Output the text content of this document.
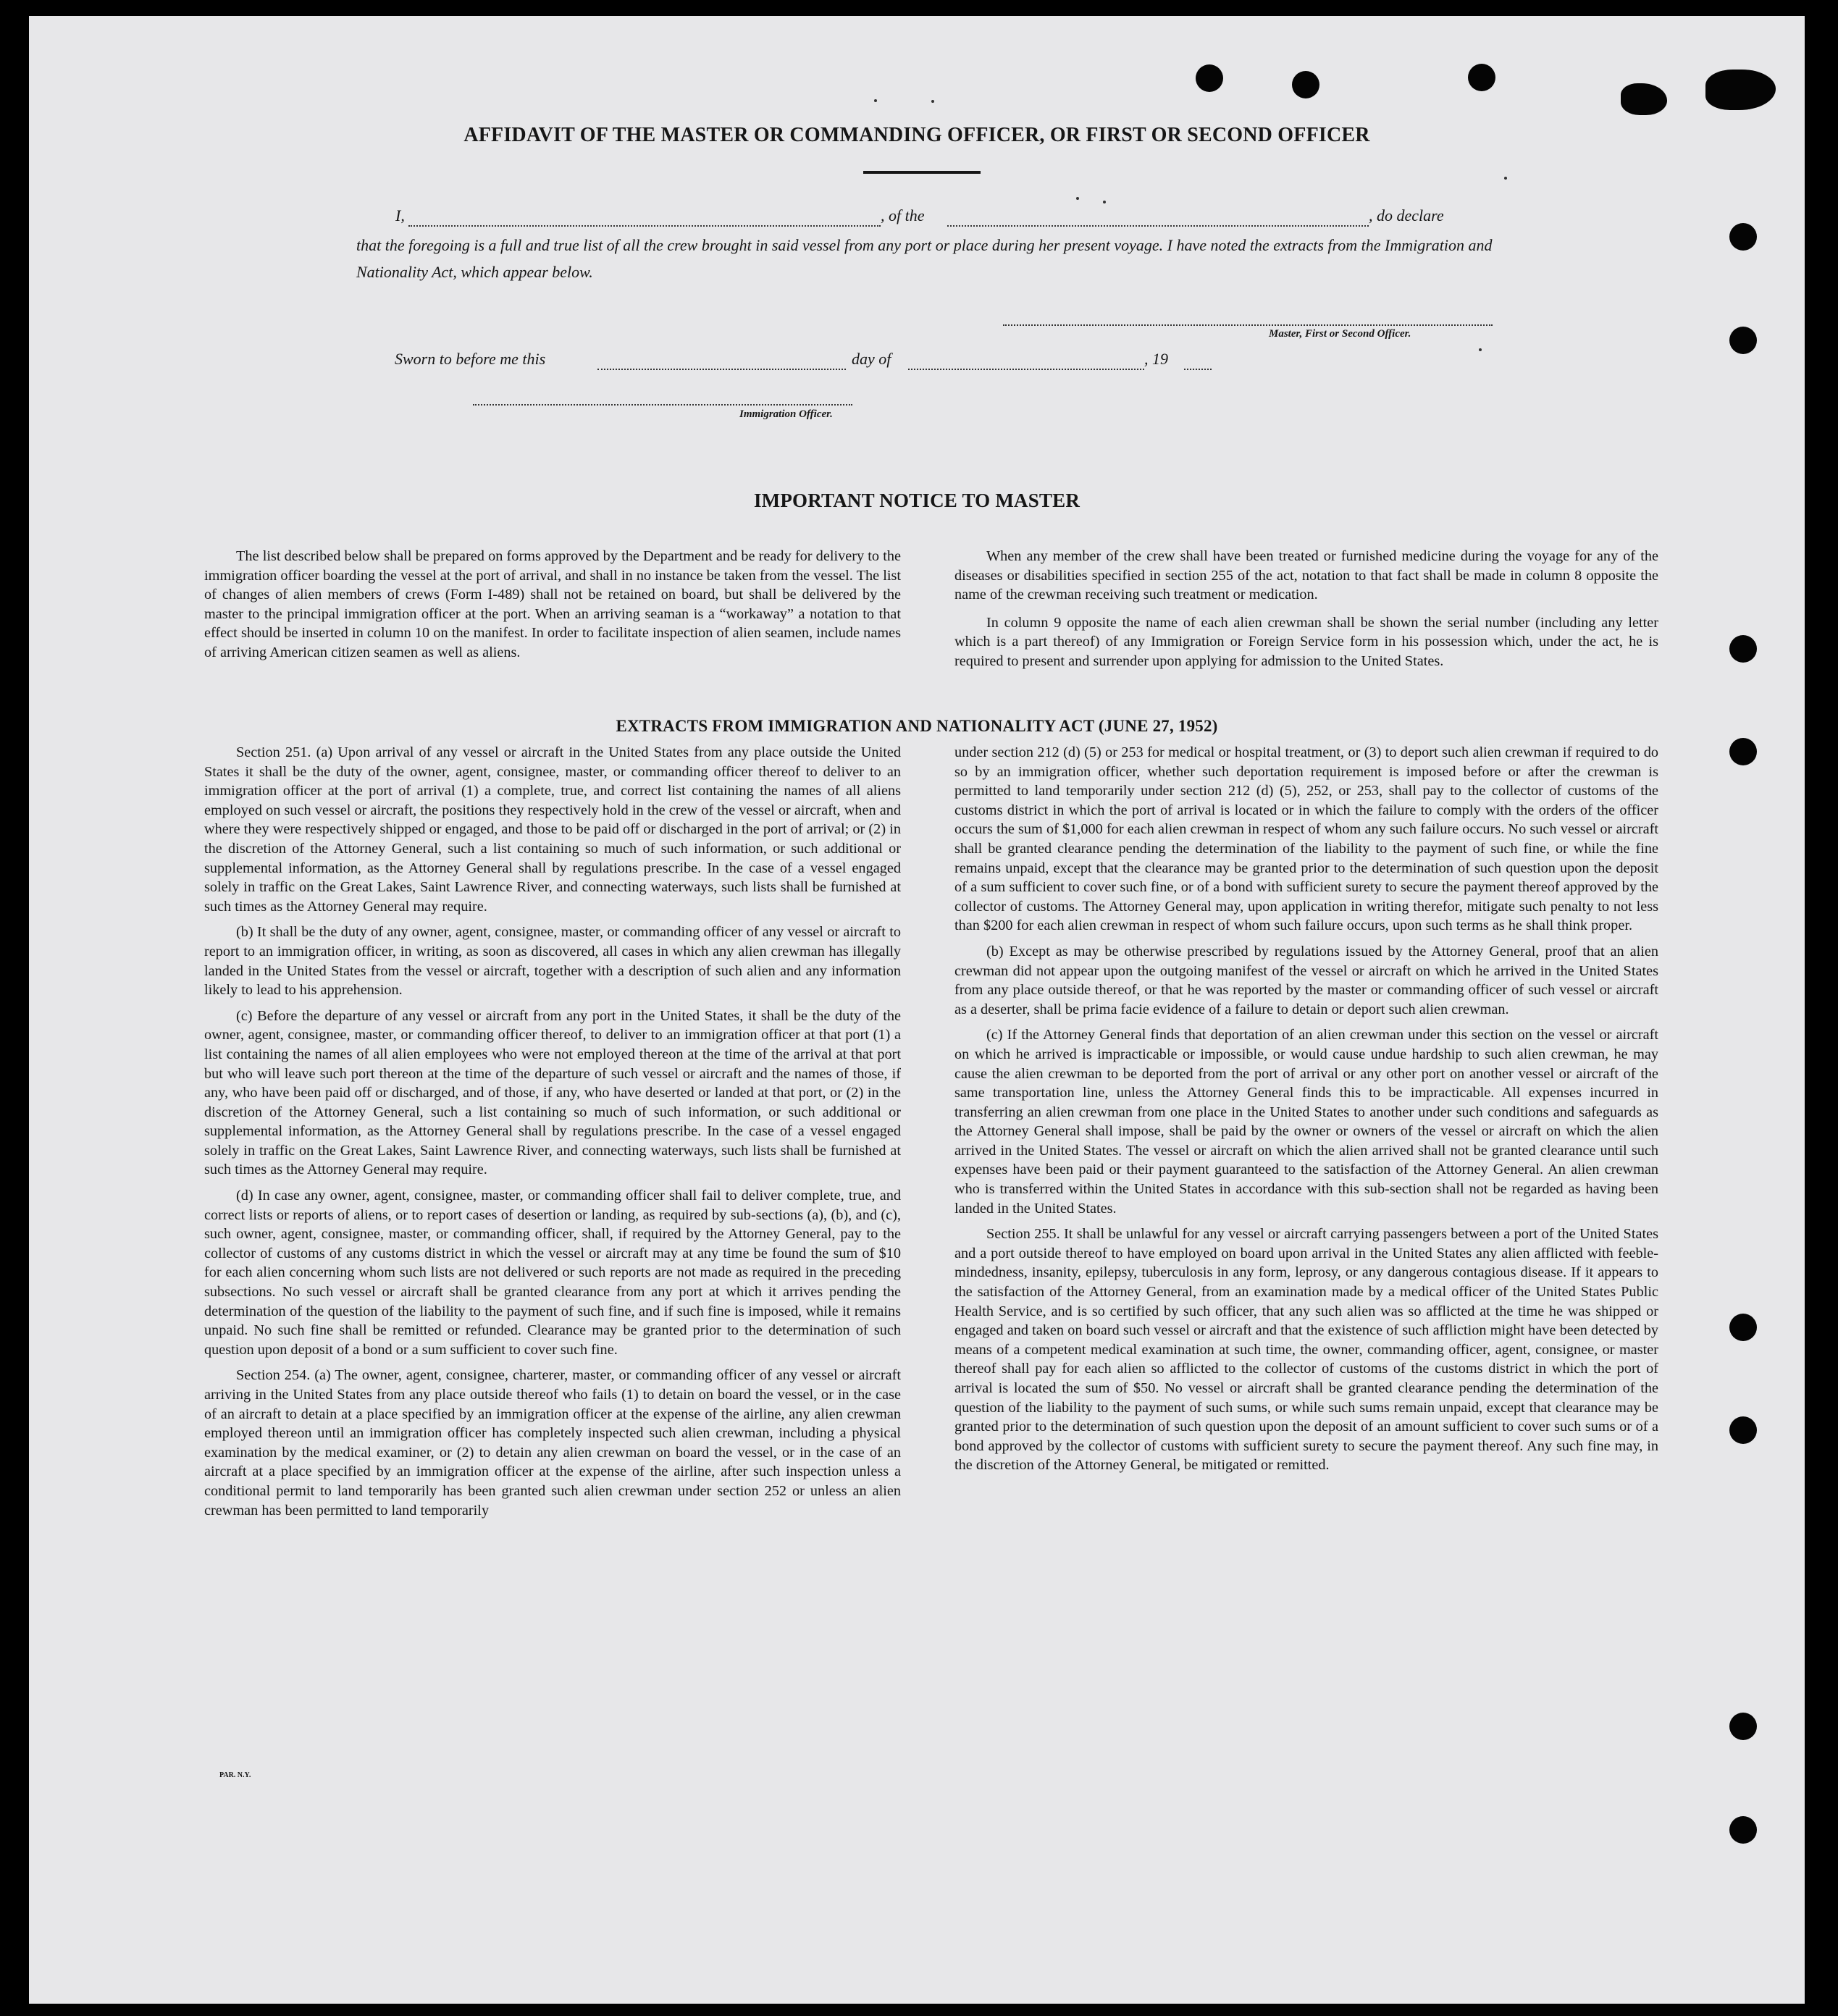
AFFIDAVIT OF THE MASTER OR COMMANDING OFFICER, OR FIRST OR SECOND OFFICER
I,	, of the	, do declare
that the foregoing is a full and true list of all the crew brought in said vessel from any port or place during her present voyage. I have noted the extracts from the Immigration and Nationality Act, which appear below.
Master, First or Second Officer.
Sworn to before me this	day of	, 19
Immigration Officer.
IMPORTANT NOTICE TO MASTER

The list described below shall be prepared on forms approved by the Department and be ready for delivery to the immigration officer boarding the vessel at the port of arrival, and shall in no instance be taken from the vessel. The list of changes of alien members of crews (Form I-489) shall not be retained on board, but shall be delivered by the master to the principal immigration officer at the port. When an arriving seaman is a “workaway” a notation to that effect should be inserted in column 10 on the manifest. In order to facilitate inspection of alien seamen, include names of arriving American citizen seamen as well as aliens.

When any member of the crew shall have been treated or furnished medicine during the voyage for any of the diseases or disabilities specified in section 255 of the act, notation to that fact shall be made in column 8 opposite the name of the crewman receiving such treatment or medication.

In column 9 opposite the name of each alien crewman shall be shown the serial number (including any letter which is a part thereof) of any Immigration or Foreign Service form in his possession which, under the act, he is required to present and surrender upon applying for admission to the United States.

EXTRACTS FROM IMMIGRATION AND NATIONALITY ACT (JUNE 27, 1952)

Section 251. (a) Upon arrival of any vessel or aircraft in the United States from any place outside the United States it shall be the duty of the owner, agent, consignee, master, or commanding officer thereof to deliver to an immigration officer at the port of arrival (1) a complete, true, and correct list containing the names of all aliens employed on such vessel or aircraft, the positions they respectively hold in the crew of the vessel or aircraft, when and where they were respectively shipped or engaged, and those to be paid off or discharged in the port of arrival; or (2) in the discretion of the Attorney General, such a list containing so much of such information, or such additional or supplemental information, as the Attorney General shall by regulations prescribe. In the case of a vessel engaged solely in traffic on the Great Lakes, Saint Lawrence River, and connecting waterways, such lists shall be furnished at such times as the Attorney General may require.

(b) It shall be the duty of any owner, agent, consignee, master, or commanding officer of any vessel or aircraft to report to an immigration officer, in writing, as soon as discovered, all cases in which any alien crewman has illegally landed in the United States from the vessel or aircraft, together with a description of such alien and any information likely to lead to his apprehension.

(c) Before the departure of any vessel or aircraft from any port in the United States, it shall be the duty of the owner, agent, consignee, master, or commanding officer thereof, to deliver to an immigration officer at that port (1) a list containing the names of all alien employees who were not employed thereon at the time of the arrival at that port but who will leave such port thereon at the time of the departure of such vessel or aircraft and the names of those, if any, who have been paid off or discharged, and of those, if any, who have deserted or landed at that port, or (2) in the discretion of the Attorney General, such a list containing so much of such information, or such additional or supplemental information, as the Attorney General shall by regulations prescribe. In the case of a vessel engaged solely in traffic on the Great Lakes, Saint Lawrence River, and connecting waterways, such lists shall be furnished at such times as the Attorney General may require.

(d) In case any owner, agent, consignee, master, or commanding officer shall fail to deliver complete, true, and correct lists or reports of aliens, or to report cases of desertion or landing, as required by sub-sections (a), (b), and (c), such owner, agent, consignee, master, or commanding officer, shall, if required by the Attorney General, pay to the collector of customs of any customs district in which the vessel or aircraft may at any time be found the sum of $10 for each alien concerning whom such lists are not delivered or such reports are not made as required in the preceding subsections. No such vessel or aircraft shall be granted clearance from any port at which it arrives pending the determination of the question of the liability to the payment of such fine, and if such fine is imposed, while it remains unpaid. No such fine shall be remitted or refunded. Clearance may be granted prior to the determination of such question upon deposit of a bond or a sum sufficient to cover such fine.

Section 254. (a) The owner, agent, consignee, charterer, master, or commanding officer of any vessel or aircraft arriving in the United States from any place outside thereof who fails (1) to detain on board the vessel, or in the case of an aircraft to detain at a place specified by an immigration officer at the expense of the airline, any alien crewman employed thereon until an immigration officer has completely inspected such alien crewman, including a physical examination by the medical examiner, or (2) to detain any alien crewman on board the vessel, or in the case of an aircraft at a place specified by an immigration officer at the expense of the airline, after such inspection unless a conditional permit to land temporarily has been granted such alien crewman under section 252 or unless an alien crewman has been permitted to land temporarily

under section 212 (d) (5) or 253 for medical or hospital treatment, or (3) to deport such alien crewman if required to do so by an immigration officer, whether such deportation requirement is imposed before or after the crewman is permitted to land temporarily under section 212 (d) (5), 252, or 253, shall pay to the collector of customs of the customs district in which the port of arrival is located or in which the failure to comply with the orders of the officer occurs the sum of $1,000 for each alien crewman in respect of whom any such failure occurs. No such vessel or aircraft shall be granted clearance pending the determination of the liability to the payment of such fine, or while the fine remains unpaid, except that the clearance may be granted prior to the determination of such question upon the deposit of a sum sufficient to cover such fine, or of a bond with sufficient surety to secure the payment thereof approved by the collector of customs. The Attorney General may, upon application in writing therefor, mitigate such penalty to not less than $200 for each alien crewman in respect of whom such failure occurs, upon such terms as he shall think proper.

(b) Except as may be otherwise prescribed by regulations issued by the Attorney General, proof that an alien crewman did not appear upon the outgoing manifest of the vessel or aircraft on which he arrived in the United States from any place outside thereof, or that he was reported by the master or commanding officer of such vessel or aircraft as a deserter, shall be prima facie evidence of a failure to detain or deport such alien crewman.

(c) If the Attorney General finds that deportation of an alien crewman under this section on the vessel or aircraft on which he arrived is impracticable or impossible, or would cause undue hardship to such alien crewman, he may cause the alien crewman to be deported from the port of arrival or any other port on another vessel or aircraft of the same transportation line, unless the Attorney General finds this to be impracticable. All expenses incurred in transferring an alien crewman from one place in the United States to another under such conditions and safeguards as the Attorney General shall impose, shall be paid by the owner or owners of the vessel or aircraft on which the alien arrived in the United States. The vessel or aircraft on which the alien arrived shall not be granted clearance until such expenses have been paid or their payment guaranteed to the satisfaction of the Attorney General. An alien crewman who is transferred within the United States in accordance with this sub-section shall not be regarded as having been landed in the United States.

Section 255. It shall be unlawful for any vessel or aircraft carrying passengers between a port of the United States and a port outside thereof to have employed on board upon arrival in the United States any alien afflicted with feeble-mindedness, insanity, epilepsy, tuberculosis in any form, leprosy, or any dangerous contagious disease. If it appears to the satisfaction of the Attorney General, from an examination made by a medical officer of the United States Public Health Service, and is so certified by such officer, that any such alien was so afflicted at the time he was shipped or engaged and taken on board such vessel or aircraft and that the existence of such affliction might have been detected by means of a competent medical examination at such time, the owner, commanding officer, agent, consignee, or master thereof shall pay for each alien so afflicted to the collector of customs of the customs district in which the port of arrival is located the sum of $50. No vessel or aircraft shall be granted clearance pending the determination of the question of the liability to the payment of such sums, or while such sums remain unpaid, except that clearance may be granted prior to the determination of such question upon the deposit of an amount sufficient to cover such sums or of a bond approved by the collector of customs with sufficient surety to secure the payment thereof. Any such fine may, in the discretion of the Attorney General, be mitigated or remitted.

PAR. N.Y.
